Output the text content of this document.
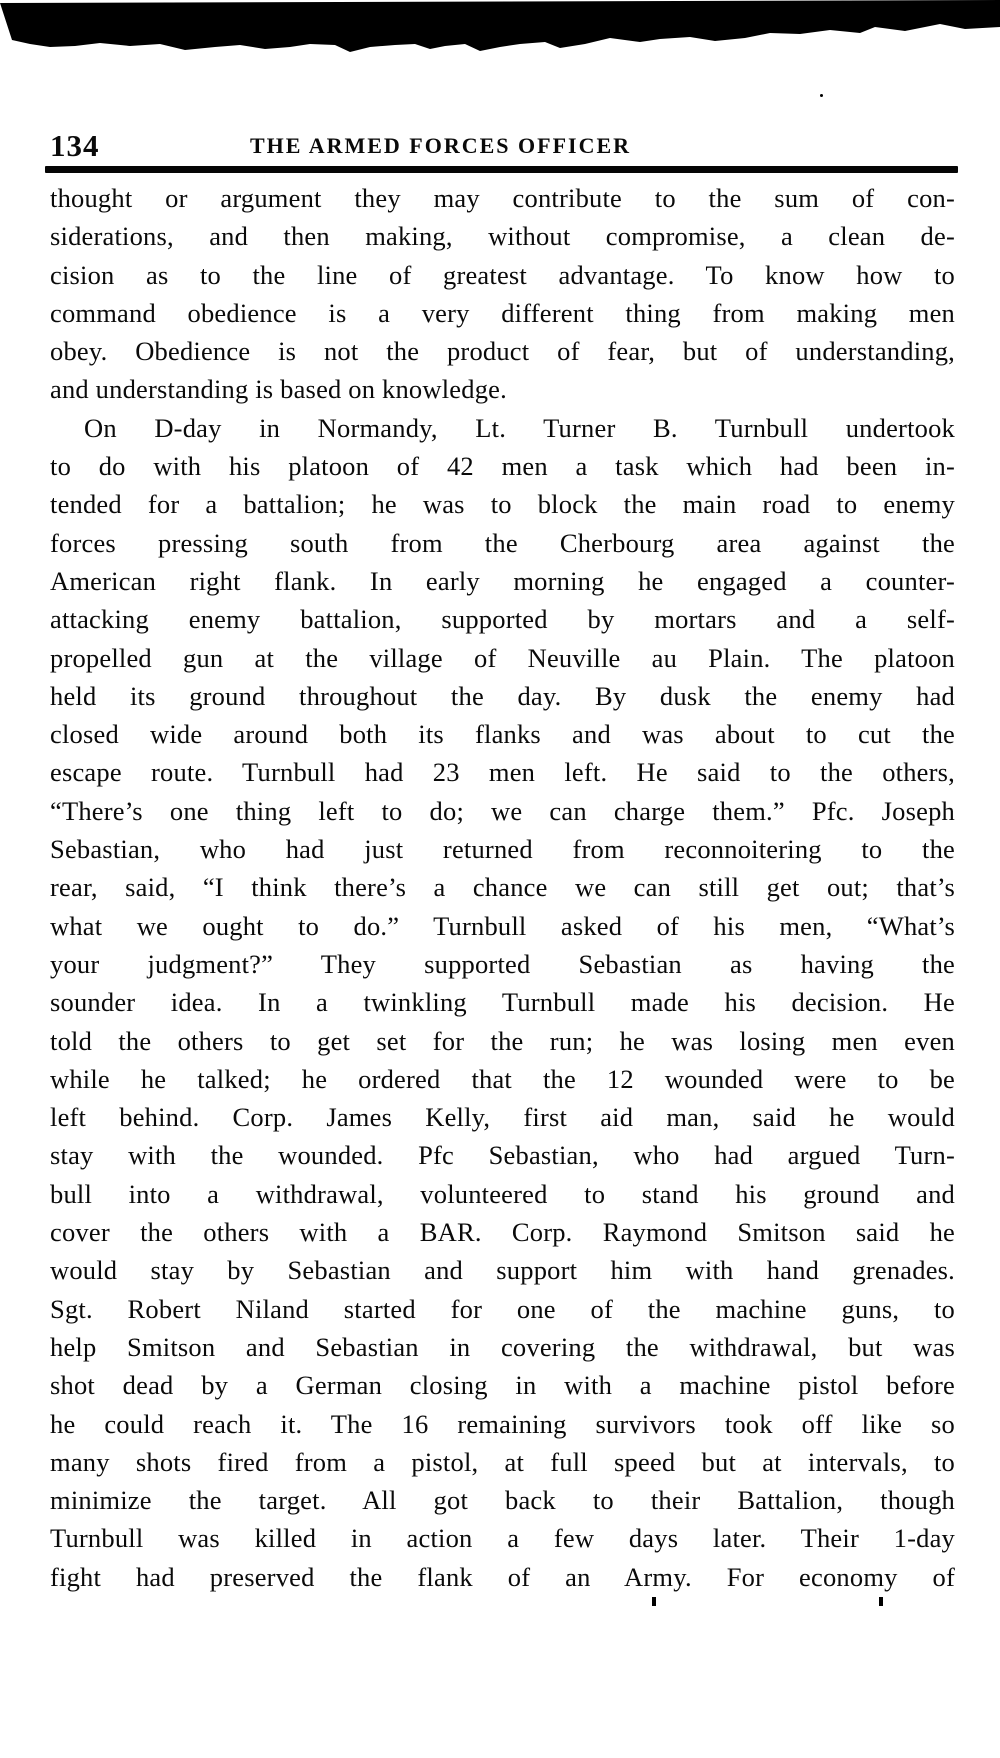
134	THE ARMED FORCES OFFICER
thought or argument they may contribute to the sum of con-
siderations, and then making, without compromise, a clean de-
cision as to the line of greatest advantage. To know how to
command obedience is a very different thing from making men
obey. Obedience is not the product of fear, but of understanding,
and understanding is based on knowledge.
On D-day in Normandy, Lt. Turner B. Turnbull undertook
to do with his platoon of 42 men a task which had been in-
tended for a battalion; he was to block the main road to enemy
forces pressing south from the Cherbourg area against the
American right flank. In early morning he engaged a counter-
attacking enemy battalion, supported by mortars and a self-
propelled gun at the village of Neuville au Plain. The platoon
held its ground throughout the day. By dusk the enemy had
closed wide around both its flanks and was about to cut the
escape route. Turnbull had 23 men left. He said to the others,
“There’s one thing left to do; we can charge them.” Pfc. Joseph
Sebastian, who had just returned from reconnoitering to the
rear, said, “I think there’s a chance we can still get out; that’s
what we ought to do.” Turnbull asked of his men, “What’s
your judgment?” They supported Sebastian as having the
sounder idea. In a twinkling Turnbull made his decision. He
told the others to get set for the run; he was losing men even
while he talked; he ordered that the 12 wounded were to be
left behind. Corp. James Kelly, first aid man, said he would
stay with the wounded. Pfc Sebastian, who had argued Turn-
bull into a withdrawal, volunteered to stand his ground and
cover the others with a BAR. Corp. Raymond Smitson said he
would stay by Sebastian and support him with hand grenades.
Sgt. Robert Niland started for one of the machine guns, to
help Smitson and Sebastian in covering the withdrawal, but was
shot dead by a German closing in with a machine pistol before
he could reach it. The 16 remaining survivors took off like so
many shots fired from a pistol, at full speed but at intervals, to
minimize the target. All got back to their Battalion, though
Turnbull was killed in action a few days later. Their 1-day
fight had preserved the flank of an Army. For economy of
